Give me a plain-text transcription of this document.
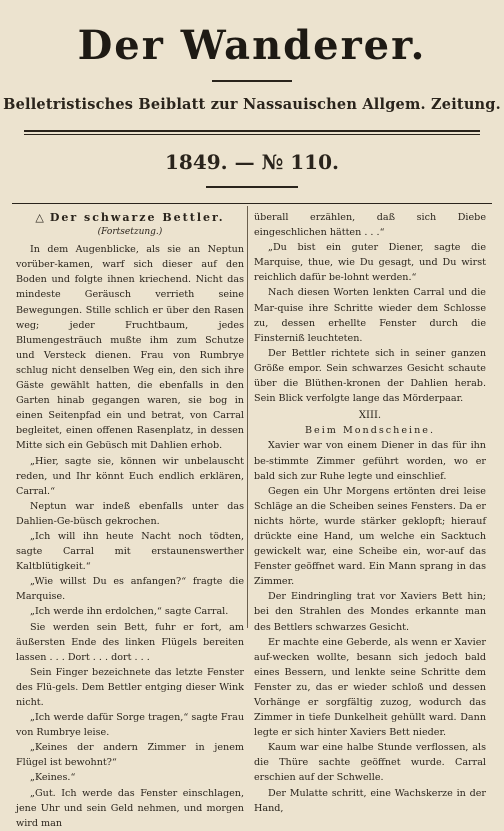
Der Wanderer.
Belletristisches Beiblatt zur Nassauischen Allgem. Zeitung.
1849. — № 110.
△ Der schwarze Bettler.
(Fortsetzung.)
In dem Augenblicke, als sie an Neptun vorüber-kamen, warf sich dieser auf den Boden und folgte ihnen kriechend. Nicht das mindeste Geräusch verrieth seine Bewegungen. Stille schlich er über den Rasen weg; jeder Fruchtbaum, jedes Blumengesträuch mußte ihm zum Schutze und Versteck dienen. Frau von Rumbrye schlug nicht denselben Weg ein, den sich ihre Gäste gewählt hatten, die ebenfalls in den Garten hinab gegangen waren, sie bog in einen Seitenpfad ein und betrat, von Carral begleitet, einen offenen Rasenplatz, in dessen Mitte sich ein Gebüsch mit Dahlien erhob.
„Hier, sagte sie, können wir unbelauscht reden, und Ihr könnt Euch endlich erklären, Carral.“
Neptun war indeß ebenfalls unter das Dahlien-Ge-büsch gekrochen.
„Ich will ihn heute Nacht noch tödten, sagte Carral mit erstaunenswerther Kaltblütigkeit.“
„Wie willst Du es anfangen?“ fragte die Marquise.
„Ich werde ihn erdolchen,“ sagte Carral.
Sie werden sein Bett, fuhr er fort, am äußersten Ende des linken Flügels bereiten lassen . . . Dort . . . dort . . .
Sein Finger bezeichnete das letzte Fenster des Flü-gels. Dem Bettler entging dieser Wink nicht.
„Ich werde dafür Sorge tragen,“ sagte Frau von Rumbrye leise.
„Keines der andern Zimmer in jenem Flügel ist bewohnt?“
„Keines.“
„Gut. Ich werde das Fenster einschlagen, jene Uhr und sein Geld nehmen, und morgen wird man
überall erzählen, daß sich Diebe eingeschlichen hätten . . .“
„Du bist ein guter Diener, sagte die Marquise, thue, wie Du gesagt, und Du wirst reichlich dafür be-lohnt werden.“
Nach diesen Worten lenkten Carral und die Mar-quise ihre Schritte wieder dem Schlosse zu, dessen erhellte Fenster durch die Finsterniß leuchteten.
Der Bettler richtete sich in seiner ganzen Größe empor. Sein schwarzes Gesicht schaute über die Blüthen-kronen der Dahlien herab. Sein Blick verfolgte lange das Mörderpaar.
XIII.
Beim Mondscheine.
Xavier war von einem Diener in das für ihn be-stimmte Zimmer geführt worden, wo er bald sich zur Ruhe legte und einschlief.
Gegen ein Uhr Morgens ertönten drei leise Schläge an die Scheiben seines Fensters. Da er nichts hörte, wurde stärker geklopft; hierauf drückte eine Hand, um welche ein Sacktuch gewickelt war, eine Scheibe ein, wor-auf das Fenster geöffnet ward. Ein Mann sprang in das Zimmer.
Der Eindringling trat vor Xaviers Bett hin; bei den Strahlen des Mondes erkannte man des Bettlers schwarzes Gesicht.
Er machte eine Geberde, als wenn er Xavier auf-wecken wollte, besann sich jedoch bald eines Bessern, und lenkte seine Schritte dem Fenster zu, das er wieder schloß und dessen Vorhänge er sorgfältig zuzog, wodurch das Zimmer in tiefe Dunkelheit gehüllt ward. Dann legte er sich hinter Xaviers Bett nieder.
Kaum war eine halbe Stunde verflossen, als die Thüre sachte geöffnet wurde. Carral erschien auf der Schwelle.
Der Mulatte schritt, eine Wachskerze in der Hand,
